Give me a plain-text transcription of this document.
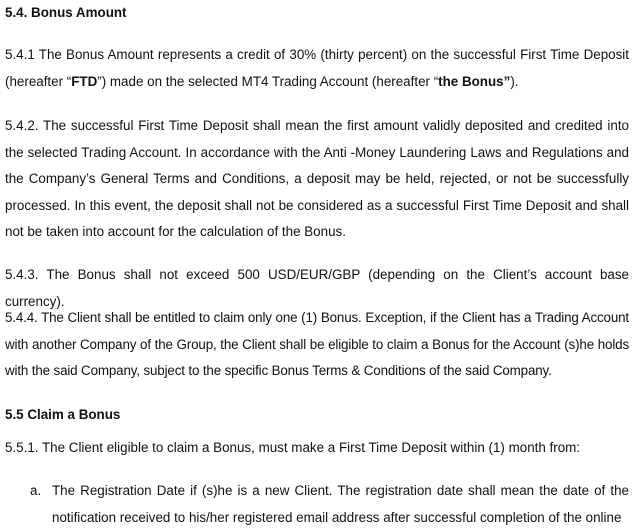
5.4. Bonus Amount

5.4.1 The Bonus Amount represents a credit of 30% (thirty percent) on the successful First Time Deposit (hereafter “FTD”) made on the selected MT4 Trading Account (hereafter “the Bonus”).

5.4.2. The successful First Time Deposit shall mean the first amount validly deposited and credited into the selected Trading Account. In accordance with the Anti -Money Laundering Laws and Regulations and the Company’s General Terms and Conditions, a deposit may be held, rejected, or not be successfully processed. In this event, the deposit shall not be considered as a successful First Time Deposit and shall not be taken into account for the calculation of the Bonus.

5.4.3. The Bonus shall not exceed 500 USD/EUR/GBP (depending on the Client’s account base currency).

5.4.4. The Client shall be entitled to claim only one (1) Bonus. Exception, if the Client has a Trading Account with another Company of the Group, the Client shall be eligible to claim a Bonus for the Account (s)he holds with the said Company, subject to the specific Bonus Terms & Conditions of the said Company.

5.5 Claim a Bonus

5.5.1. The Client eligible to claim a Bonus, must make a First Time Deposit within (1) month from:

a. The Registration Date if (s)he is a new Client. The registration date shall mean the date of the notification received to his/her registered email address after successful completion of the online
